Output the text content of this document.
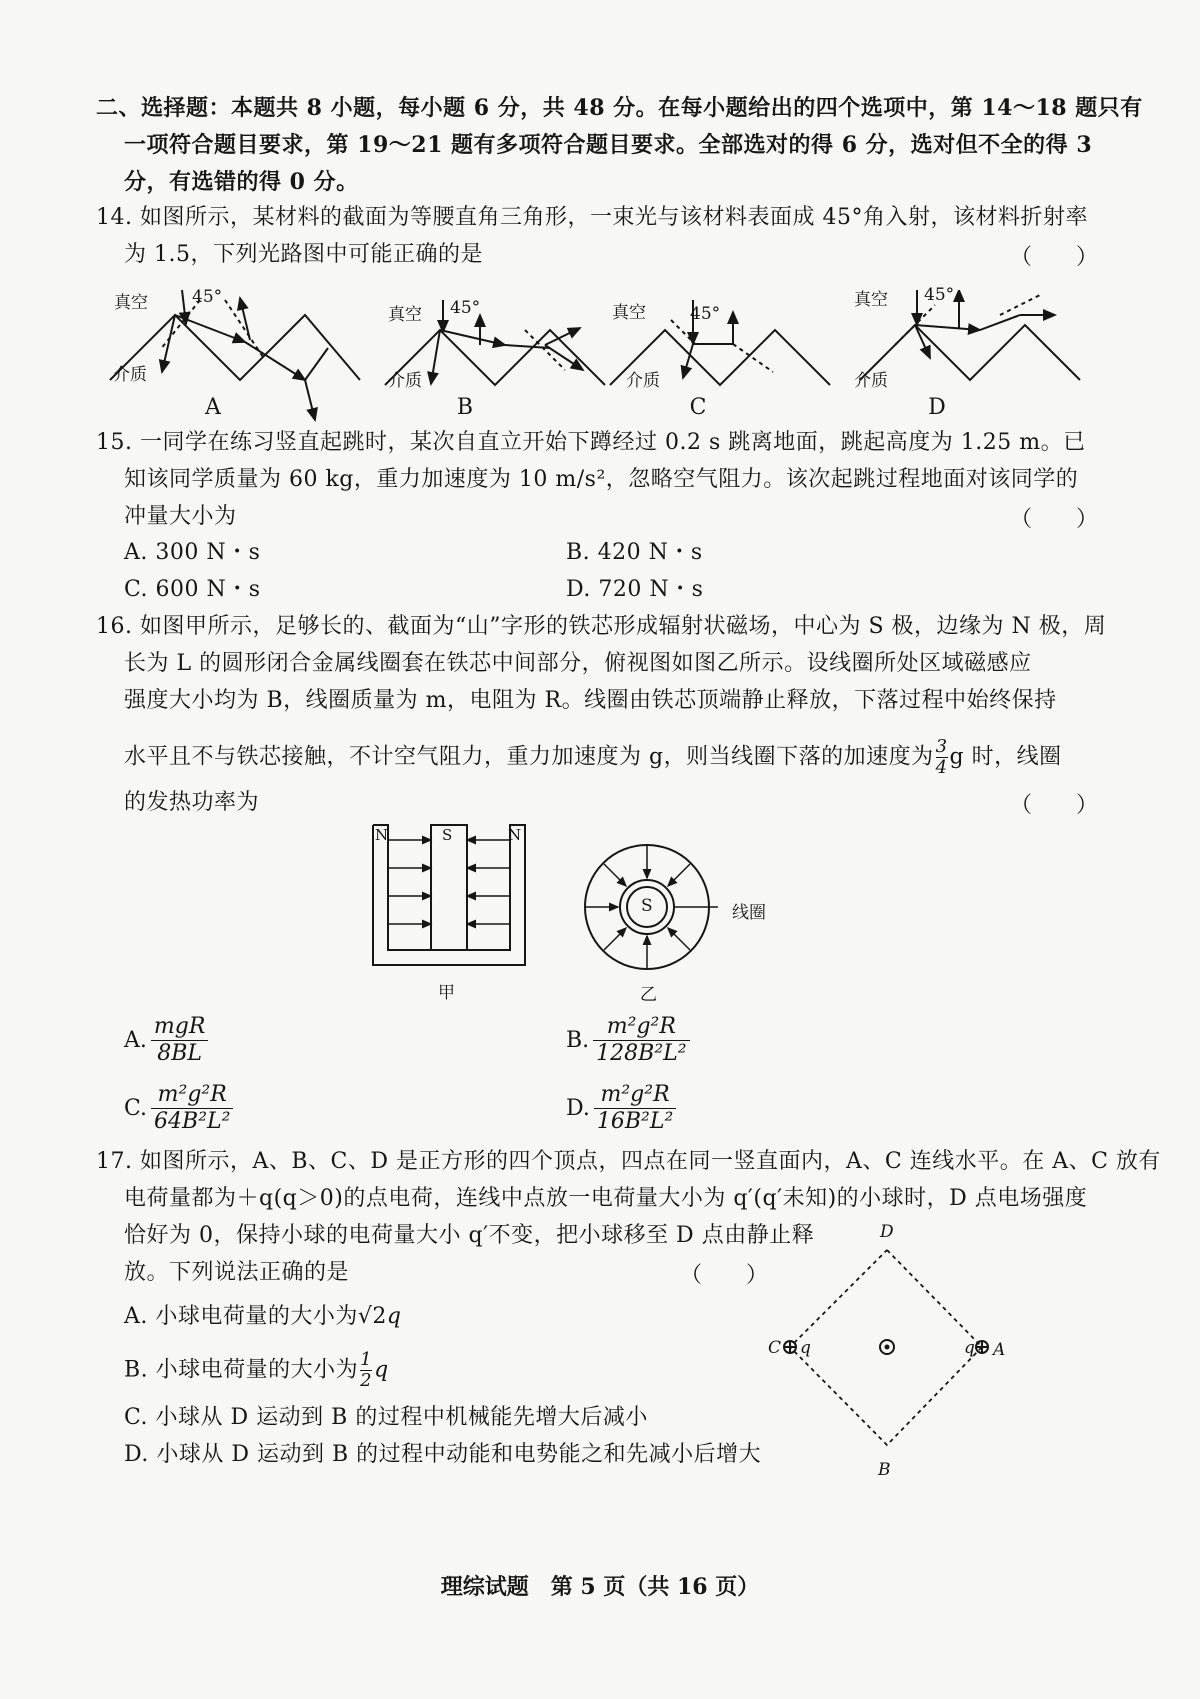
二、选择题：本题共 8 小题，每小题 6 分，共 48 分。在每小题给出的四个选项中，第 14～18 题只有
一项符合题目要求，第 19～21 题有多项符合题目要求。全部选对的得 6 分，选对但不全的得 3
分，有选错的得 0 分。
14. 如图所示，某材料的截面为等腰直角三角形，一束光与该材料表面成 45°角入射，该材料折射率
为 1.5，下列光路图中可能正确的是	（　　）
真空
介质
45°
真空
介质
45°	真空
介质
45°
真空
介质
45°
A	B	C	D
15. 一同学在练习竖直起跳时，某次自直立开始下蹲经过 0.2 s 跳离地面，跳起高度为 1.25 m。已
知该同学质量为 60 kg，重力加速度为 10 m/s²，忽略空气阻力。该次起跳过程地面对该同学的
冲量大小为	（　　）
A. 300 N・s	B. 420 N・s
C. 600 N・s	D. 720 N・s
16. 如图甲所示，足够长的、截面为“山”字形的铁芯形成辐射状磁场，中心为 S 极，边缘为 N 极，周
长为 L 的圆形闭合金属线圈套在铁芯中间部分，俯视图如图乙所示。设线圈所处区域磁感应
强度大小均为 B，线圈质量为 m，电阻为 R。线圈由铁芯顶端静止释放，下落过程中始终保持
水平且不与铁芯接触，不计空气阻力，重力加速度为 g，则当线圈下落的加速度为 $\frac{3}{4}$ g 时，线圈
的发热功率为	（　　）
N	S	N
甲
S	线圈
乙
A. $\frac{\text{mgR}}{8BL}$	B. $\frac{\text{m²g²R}}{\text{128B²L²}}$
C. $\frac{\text{m²g²R}}{\text{64B²L²}}$	D. $\frac{\text{m²g²R}}{\text{16B²L²}}$
17. 如图所示，A、B、C、D 是正方形的四个顶点，四点在同一竖直面内，A、C 连线水平。在 A、C 放有
电荷量都为＋q(q＞0)的点电荷，连线中点放一电荷量大小为 q′(q′未知)的小球时，D 点电场强度
恰好为 0，保持小球的电荷量大小 q′不变，把小球移至 D 点由静止释
放。下列说法正确的是	（　　）
A. 小球电荷量的大小为√2q
B. 小球电荷量的大小为 $\frac{1}{2}$ q
C. 小球从 D 运动到 B 的过程中机械能先增大后减小
D. 小球从 D 运动到 B 的过程中动能和电势能之和先减小后增大
D
B
C q	q A
理综试题　第 5 页（共 16 页）
